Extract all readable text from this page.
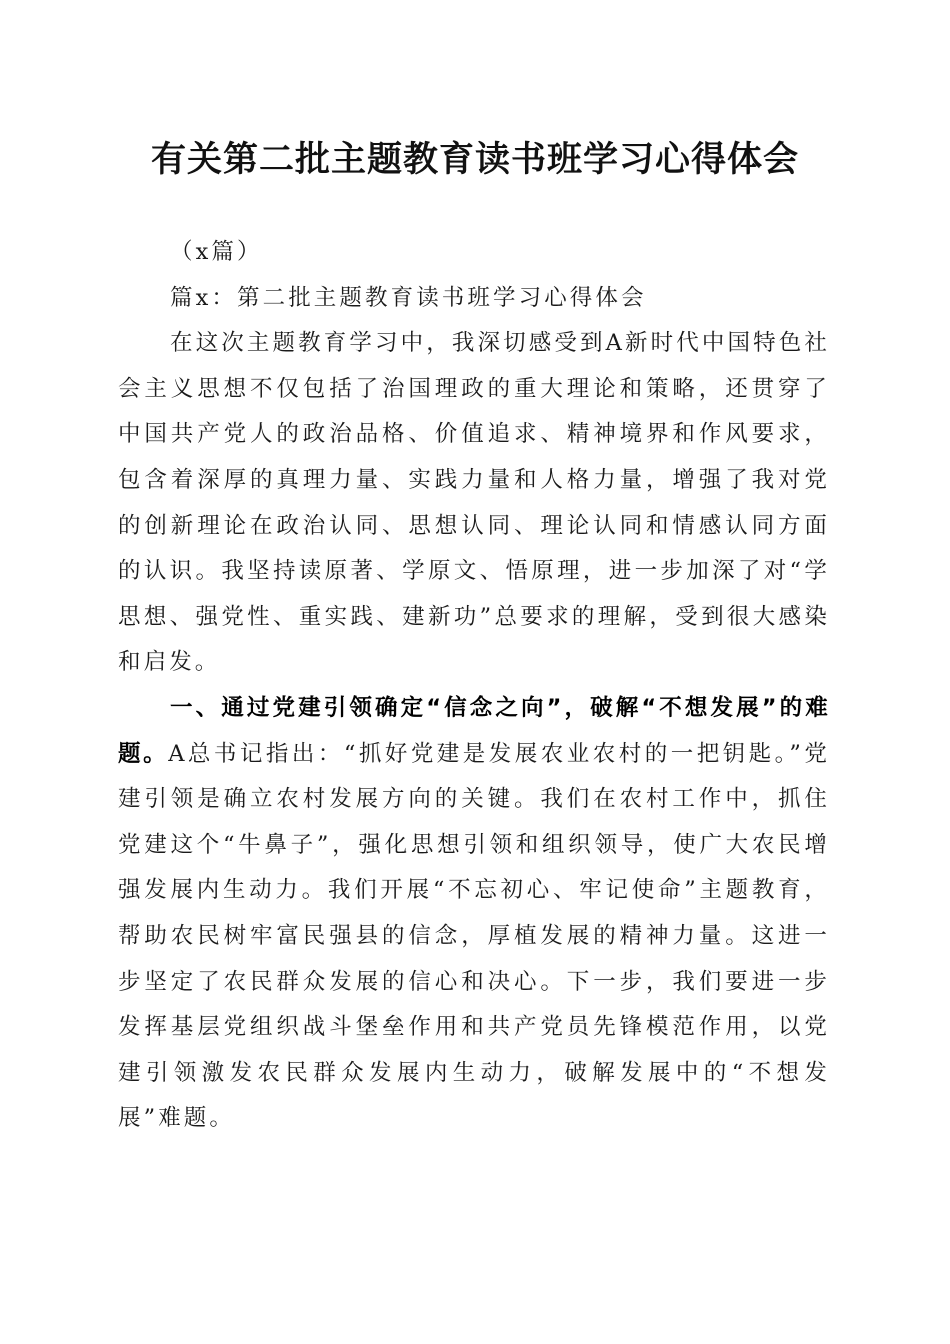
有关第二批主题教育读书班学习心得体会

（x篇）

篇x：第二批主题教育读书班学习心得体会

在这次主题教育学习中，我深切感受到A新时代中国特色社会主义思想不仅包括了治国理政的重大理论和策略，还贯穿了中国共产党人的政治品格、价值追求、精神境界和作风要求，包含着深厚的真理力量、实践力量和人格力量，增强了我对党的创新理论在政治认同、思想认同、理论认同和情感认同方面的认识。我坚持读原著、学原文、悟原理，进一步加深了对“学思想、强党性、重实践、建新功”总要求的理解，受到很大感染和启发。

一、通过党建引领确定“信念之向”，破解“不想发展”的难题。A总书记指出：“抓好党建是发展农业农村的一把钥匙。”党建引领是确立农村发展方向的关键。我们在农村工作中，抓住党建这个“牛鼻子”，强化思想引领和组织领导，使广大农民增强发展内生动力。我们开展“不忘初心、牢记使命”主题教育，帮助农民树牢富民强县的信念，厚植发展的精神力量。这进一步坚定了农民群众发展的信心和决心。下一步，我们要进一步发挥基层党组织战斗堡垒作用和共产党员先锋模范作用，以党建引领激发农民群众发展内生动力，破解发展中的“不想发展”难题。
